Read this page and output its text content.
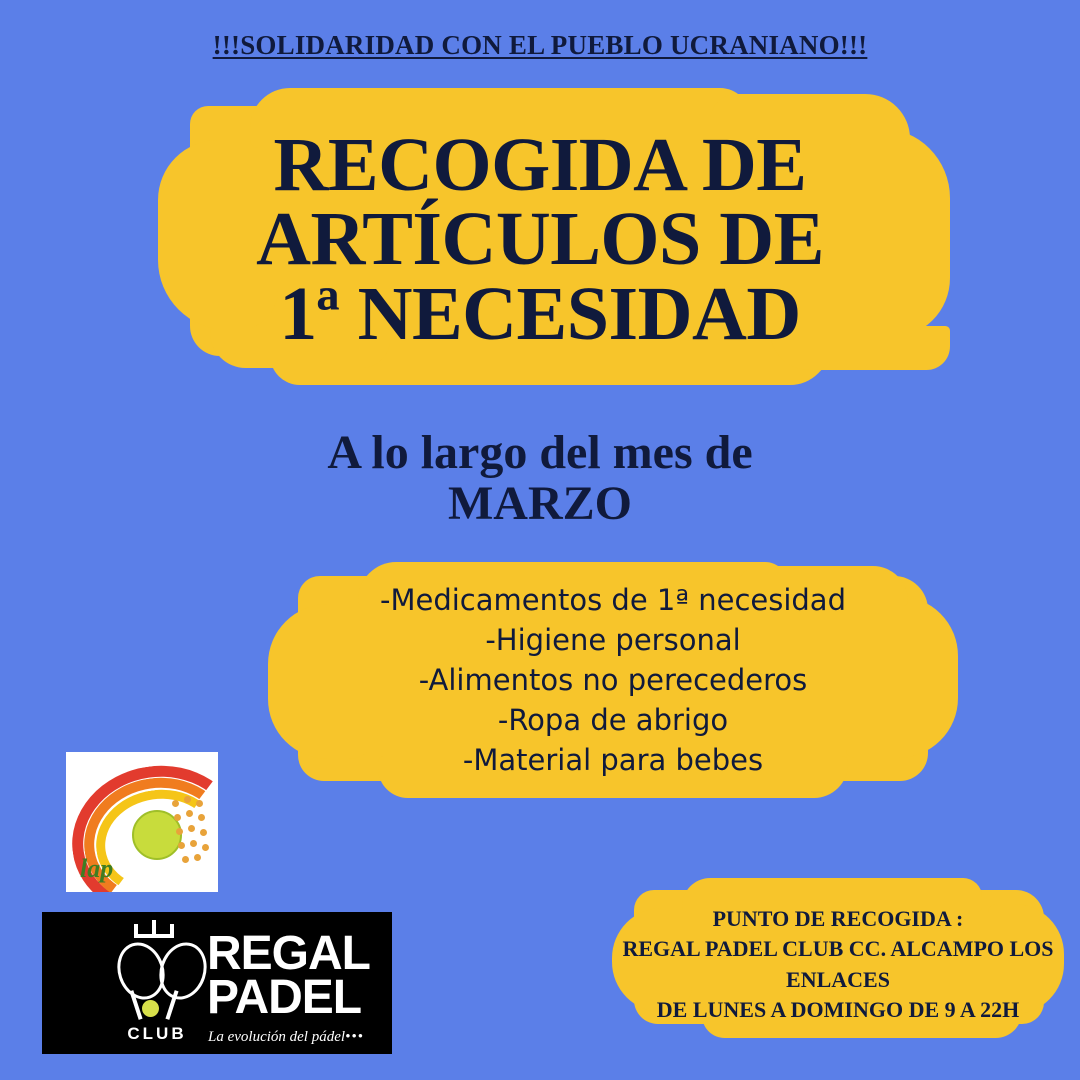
!!!SOLIDARIDAD CON EL PUEBLO UCRANIANO!!!
RECOGIDA DE
ARTÍCULOS DE
1ª NECESIDAD
A lo largo del mes de
MARZO
-Medicamentos de 1ª necesidad
-Higiene personal
-Alimentos no perecederos
-Ropa de abrigo
-Material para bebes
lap
CLUB
REGAL
PADEL
La evolución del pádel•••
PUNTO DE RECOGIDA :
REGAL PADEL CLUB CC. ALCAMPO LOS
ENLACES
DE LUNES A DOMINGO DE 9 A 22H
